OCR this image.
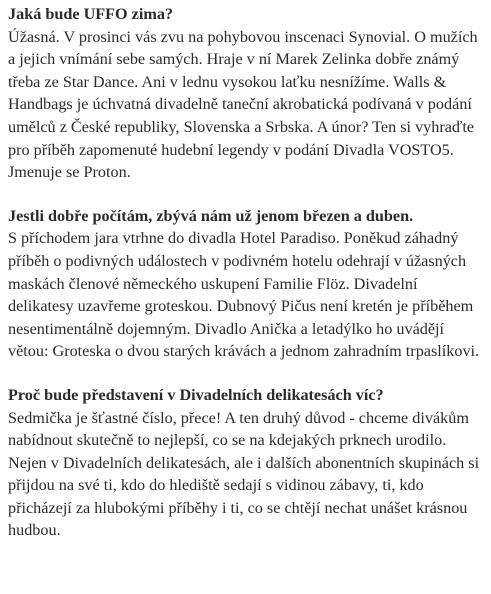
Jaká bude UFFO zima?

Úžasná. V prosinci vás zvu na pohybovou inscenaci Synovial. O mužích a jejich vnímání sebe samých. Hraje v ní Marek Zelinka dobře známý třeba ze Star Dance. Ani v lednu vysokou laťku nesnížíme. Walls & Handbags je úchvatná divadelně taneční akrobatická podívaná v podání umělců z České republiky, Slovenska a Srbska. A únor? Ten si vyhraďte pro příběh zapomenuté hudební legendy v podání Divadla VOSTO5. Jmenuje se Proton.

Jestli dobře počítám, zbývá nám už jenom březen a duben.

S příchodem jara vtrhne do divadla Hotel Paradiso. Poněkud záhadný příběh o podivných událostech v podivném hotelu odehrají v úžasných maskách členové německého uskupení Familie Flöz. Divadelní delikatesy uzavřeme groteskou. Dubnový Pičus není kretén je příběhem nesentimentálně dojemným. Divadlo Anička a letadýlko ho uvádějí větou: Groteska o dvou starých krávách a jednom zahradním trpaslíkovi.

Proč bude představení v Divadelních delikatesách víc?

Sedmička je šťastné číslo, přece! A ten druhý důvod - chceme divákům nabídnout skutečně to nejlepší, co se na kdejakých prknech urodilo. Nejen v Divadelních delikatesách, ale i dalších abonentních skupinách si přijdou na své ti, kdo do hlediště sedají s vidinou zábavy, ti, kdo přicházejí za hlubokými příběhy i ti, co se chtějí nechat unášet krásnou hudbou.
